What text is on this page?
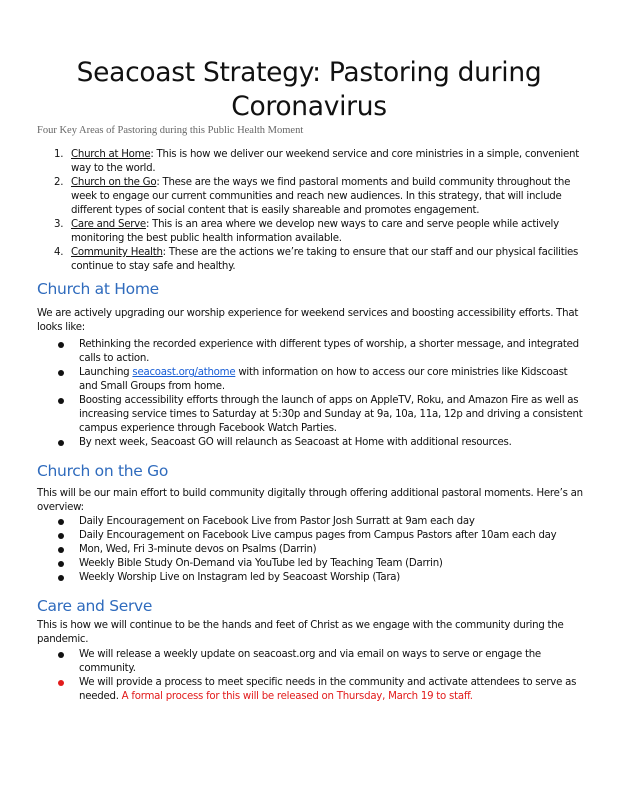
Seacoast Strategy: Pastoring during Coronavirus
Four Key Areas of Pastoring during this Public Health Moment
1. Church at Home: This is how we deliver our weekend service and core ministries in a simple, convenient way to the world.
2. Church on the Go: These are the ways we find pastoral moments and build community throughout the week to engage our current communities and reach new audiences. In this strategy, that will include different types of social content that is easily shareable and promotes engagement.
3. Care and Serve: This is an area where we develop new ways to care and serve people while actively monitoring the best public health information available.
4. Community Health: These are the actions we’re taking to ensure that our staff and our physical facilities continue to stay safe and healthy.
Church at Home

We are actively upgrading our worship experience for weekend services and boosting accessibility efforts. That looks like:

Rethinking the recorded experience with different types of worship, a shorter message, and integrated calls to action.
Launching seacoast.org/athome with information on how to access our core ministries like Kidscoast and Small Groups from home.
Boosting accessibility efforts through the launch of apps on AppleTV, Roku, and Amazon Fire as well as increasing service times to Saturday at 5:30p and Sunday at 9a, 10a, 11a, 12p and driving a consistent campus experience through Facebook Watch Parties.
By next week, Seacoast GO will relaunch as Seacoast at Home with additional resources.
Church on the Go

This will be our main effort to build community digitally through offering additional pastoral moments. Here’s an overview:

Daily Encouragement on Facebook Live from Pastor Josh Surratt at 9am each day
Daily Encouragement on Facebook Live campus pages from Campus Pastors after 10am each day
Mon, Wed, Fri 3-minute devos on Psalms (Darrin)
Weekly Bible Study On-Demand via YouTube led by Teaching Team (Darrin)
Weekly Worship Live on Instagram led by Seacoast Worship (Tara)
Care and Serve

This is how we will continue to be the hands and feet of Christ as we engage with the community during the pandemic.

We will release a weekly update on seacoast.org and via email on ways to serve or engage the community.
We will provide a process to meet specific needs in the community and activate attendees to serve as needed. A formal process for this will be released on Thursday, March 19 to staff.
